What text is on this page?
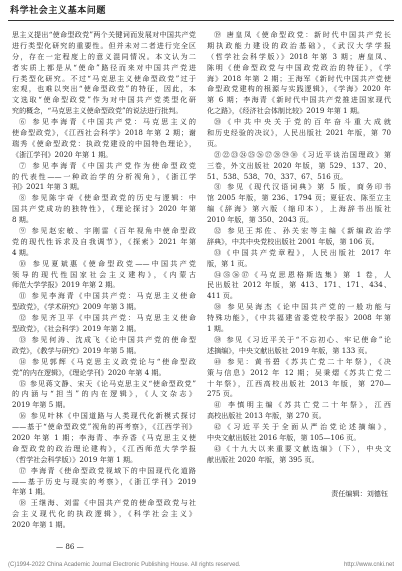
科学社会主义基本问题
思主义提出“使命型政党”两个关键词而发展对中国共产党
进行类型化研究的重要性。但并未对二者进行完全区
分，存在一定程度上的意义混同情况。本文认为二
者实质上都是从“使命”路径而来对中国共产党进
行类型化研究。不过“马克思主义使命型政党”过于
宏观，也难以突出“使命型政党”的特征，因此，本
文选取“使命型政党”作为对中国共产党类型化研
究的概念，“马克思主义使命型政党”的说法进行批判。
⑥ 参见李海青《中国共产党：马克思主义的
使命型政党》，《江西社会科学》2018 年第 2 期；谢
瑞秀《使命型政党：执政党建设的中国特色理论》，
《浙江学刊》2020 年第 1 期。
⑦ 参见李海青《中国共产党作为使命型政党
的代表性——一种政治学的分析视角》，《浙江学
刊》2021 年第 3 期。
⑧ 参见陈宇奇《使命型政党的历史与逻辑：中
国共产党成功的独特性》，《理论探讨》2020 年第
8 期。
⑨ 参见赵宏敏、宇刚雷《百年视角中使命型政
党的现代性诉求及自我调节》，《探索》2021 年第
4 期。
⑩ 参见夏斌惠《使命型政党——中国共产党
领导的现代性国家社会主义建构》，《内蒙古
师范大学学报》2019 年第 2 期。
⑪ 参见李海青《中国共产党：马克思主义使命
型政党》，《学术研究》2009 年第 3 期。
⑫ 参见齐卫平《中国共产党：马克思主义使命
型政党》，《社会科学》2019 年第 2 期。
⑬ 参见何涛、沈成飞《论中国共产党的使命型
政党》，《教学与研究》2019 年第 5 期。
⑭ 参见郭辉《马克思主义政党论与“使命型政
党”的内在逻辑》，《理论学刊》2020 年第 4 期。
⑮ 参见蒋文静、宋天《论马克思主义“使命型政党”
的内涵与“担当”的内在逻辑》，《人文杂志》
2019 年第 5 期。
⑯ 参见叶林《中国道路与人类现代化新模式探讨
——基于“使命型政党”视角的再考察》，《江西学刊》
2020 年第 1 期；李海青、李乔香《马克思主义使
命型政党的政治理论建构》，《江西师范大学学报
（哲学社会科学版）》2019 年第 1 期。
⑰ 李海青《使命型政党视域下的中国现代化道路
——基于历史与现实的考察》，《浙江学刊》2019
年第 1 期。
⑱ 王继海、刘雷《中国共产党的使命型政党与社
会主义现代化的执政逻辑》，《科学社会主义》
2020 年第 1 期。
⑲ 唐皇凤《使命型政党：新时代中国共产党长
期执政能力建设的政治基础》，《武汉大学学报
（哲学社会科学版）》2018 年第 3 期；唐皇凤、
陈明《使命型政党与中国政党政治的特征》，《学
海》2018 年第 2 期；王海军《新时代中国共产党使
命型政党建构的根源与实践逻辑》，《学海》2020 年
第 6 期；李海青《新时代中国共产党推进国家现代
化之路》，《经济社会体制比较》2019 年第 1 期。
⑳《中共中央关于党的百年奋斗重大成就
和历史经验的决议》，人民出版社 2021 年版，第 70
页。
㉑㉒㉓㉔㉕㉖㉗㉘㉙㉚《习近平谈治国理政》第
三卷，外文出版社 2020 年版，第 529、137、20、
51、538、538、70、337、67、516 页。
㉛ 参见《现代汉语词典》第 5 版，商务印书
馆 2005 年版，第 236、1794 页；夏征农、陈至立主
编《辞海》第六版（缩印本），上海辞书出版社
2010 年版，第 350、2043 页。
㉜ 参见王邦佐、孙关宏等主编《新编政治学
辞典》，中共中央党校出版社 2001 年版，第 106 页。
㉝《中国共产党章程》，人民出版社 2017 年
版，第 1 页。
㉞㉟㊱㊲《马克思恩格斯选集》第 1 卷，人
民出版社 2012 年版，第 413、171、171、434、
411 页。
㊳ 参见吴海杰《论中国共产党的一般功能与
特殊功能》，《中共福建省委党校学报》2008 年第
1 期。
㊴ 参见《习近平关于“不忘初心、牢记使命”论
述摘编》，中央文献出版社 2019 年版，第 133 页。
㊵ 参见：黄书碧《苏共亡党二十年祭》，《决
策与信息》2012 年 12 期；吴秉熠《苏共亡党二
十年祭》，江西高校出版社 2013 年版，第 270—
275 页。
㊶ 李慎明主编《苏共亡党二十年祭》，江西
高校出版社 2013 年版，第 270 页。
㊷《习近平关于全面从严治党论述摘编》，
中央文献出版社 2016 年版，第 105—106 页。
㊸《十九大以来重要文献选编》（下），中央文
献出版社 2020 年版，第 395 页。
责任编辑：刘德钰
— 86 —
(C)1994-2022 China Academic Journal Electronic Publishing House. All rights reserved.	http://www.cnki.net
